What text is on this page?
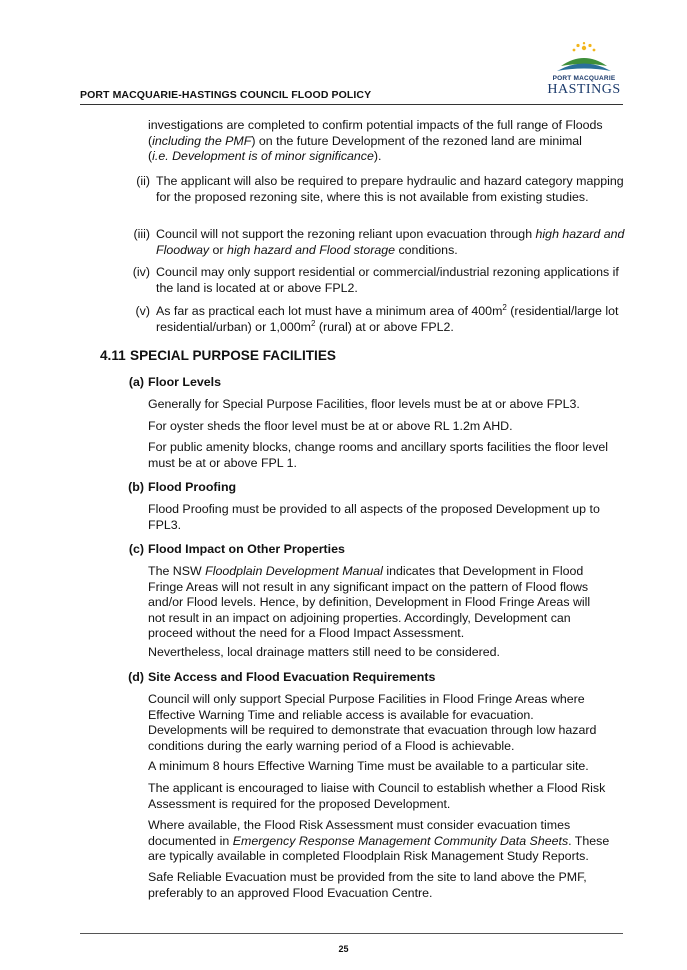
PORT MACQUARIE
HASTINGS
PORT MACQUARIE-HASTINGS COUNCIL FLOOD POLICY
investigations are completed to confirm potential impacts of the full range of Floods
(including the PMF) on the future Development of the rezoned land are minimal
(i.e. Development is of minor significance).
(ii) The applicant will also be required to prepare hydraulic and hazard category mapping for the proposed rezoning site, where this is not available from existing studies.
(iii) Council will not support the rezoning reliant upon evacuation through high hazard and Floodway or high hazard and Flood storage conditions.
(iv) Council may only support residential or commercial/industrial rezoning applications if the land is located at or above FPL2.
(v) As far as practical each lot must have a minimum area of $400m^2$ (residential/large lot residential/urban) or $1,000m^2$ (rural) at or above FPL2.
4.11 SPECIAL PURPOSE FACILITIES
(a) Floor Levels
Generally for Special Purpose Facilities, floor levels must be at or above FPL3.
For oyster sheds the floor level must be at or above RL 1.2m AHD.
For public amenity blocks, change rooms and ancillary sports facilities the floor level must be at or above FPL 1.
(b) Flood Proofing
Flood Proofing must be provided to all aspects of the proposed Development up to FPL3.
(c) Flood Impact on Other Properties
The NSW Floodplain Development Manual indicates that Development in Flood Fringe Areas will not result in any significant impact on the pattern of Flood flows and/or Flood levels. Hence, by definition, Development in Flood Fringe Areas will not result in an impact on adjoining properties. Accordingly, Development can proceed without the need for a Flood Impact Assessment.
Nevertheless, local drainage matters still need to be considered.
(d) Site Access and Flood Evacuation Requirements
Council will only support Special Purpose Facilities in Flood Fringe Areas where Effective Warning Time and reliable access is available for evacuation. Developments will be required to demonstrate that evacuation through low hazard conditions during the early warning period of a Flood is achievable.
A minimum 8 hours Effective Warning Time must be available to a particular site.
The applicant is encouraged to liaise with Council to establish whether a Flood Risk Assessment is required for the proposed Development.
Where available, the Flood Risk Assessment must consider evacuation times documented in Emergency Response Management Community Data Sheets. These are typically available in completed Floodplain Risk Management Study Reports.
Safe Reliable Evacuation must be provided from the site to land above the PMF, preferably to an approved Flood Evacuation Centre.
25
